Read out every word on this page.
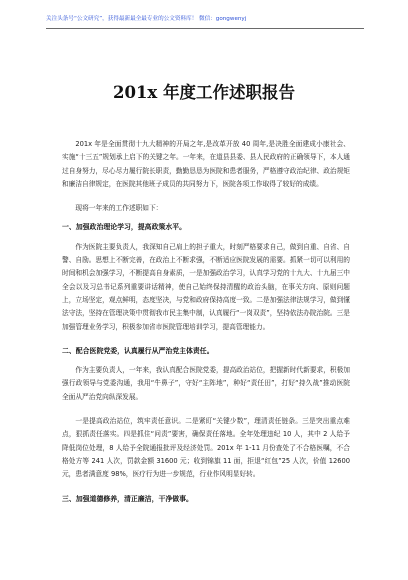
关注头条号“公文研究”，获得最新最全最专业的公文资料库！ 微信：gongwenyj
201x 年度工作述职报告

201x 年是全面贯彻十九大精神的开局之年,是改革开放 40 周年,是决胜全面建成小康社会、实施“十三五”规划承上启下的关键之年。一年来，在道县县委、县人民政府的正确领导下，本人通过自身努力，尽心尽力履行院长职责，勤勤恳恳为医院和患者服务，严格遵守政治纪律、政治规矩和廉洁自律规定，在医院其他班子成员的共同努力下，医院各项工作取得了较好的成绩。

现将一年来的工作述职如下：

一、加强政治理论学习，提高政策水平。

作为医院主要负责人，我深知自己肩上的担子重大，时刻严格要求自己，做到自重、自省、自警、自励。思想上不断完善，在政治上不断求强，不断适应医院发展的需要。抓紧一切可以利用的时间和机会加强学习，不断提高自身素质，一是加强政治学习，认真学习党的十九大、十九届三中全会以及习总书记系列重要讲话精神，使自己始终保持清醒的政治头脑，在事关方向、原则问题上，立场坚定，观点鲜明，态度坚决，与党和政府保持高度一致。二是加强法律法规学习，做到懂法守法，坚持在管理决策中贯彻我市民主集中制，认真履行“一岗双责”，坚持依法办院治院。三是加强管理业务学习，积极参加省市医院管理培训学习，提高管理能力。

二、配合医院党委，认真履行从严治党主体责任。

作为主要负责人，一年来，我认真配合医院党委，提高政治站位，把握新时代新要求，积极加强行政领导与党委沟通，我用“牛鼻子”，守好“主阵地”，种好“责任田”，打好“持久战”推动医院全面从严治党向纵深发展。

一是提高政治站位，筑牢责任意识。二是紧盯“关键少数”，理清责任链条。三是突出重点难点，狠抓责任落实。四是抓住“问责”要害，确保责任落地。全年处理违纪 10 人，其中 2 人给予降低岗位处理，8 人给予全院通报批评及经济处罚。201x 年 1-11 月份查处了不合格医嘱，不合格处方等 241 人次，罚款金额 31600 元；收到锦旗 11 面，拒退“红包”25 人次，价值 12600 元，患者满意度 98%，医疗行为进一步规范，行业作风明显好转。

三、加强道德修养，清正廉洁，干净做事。
